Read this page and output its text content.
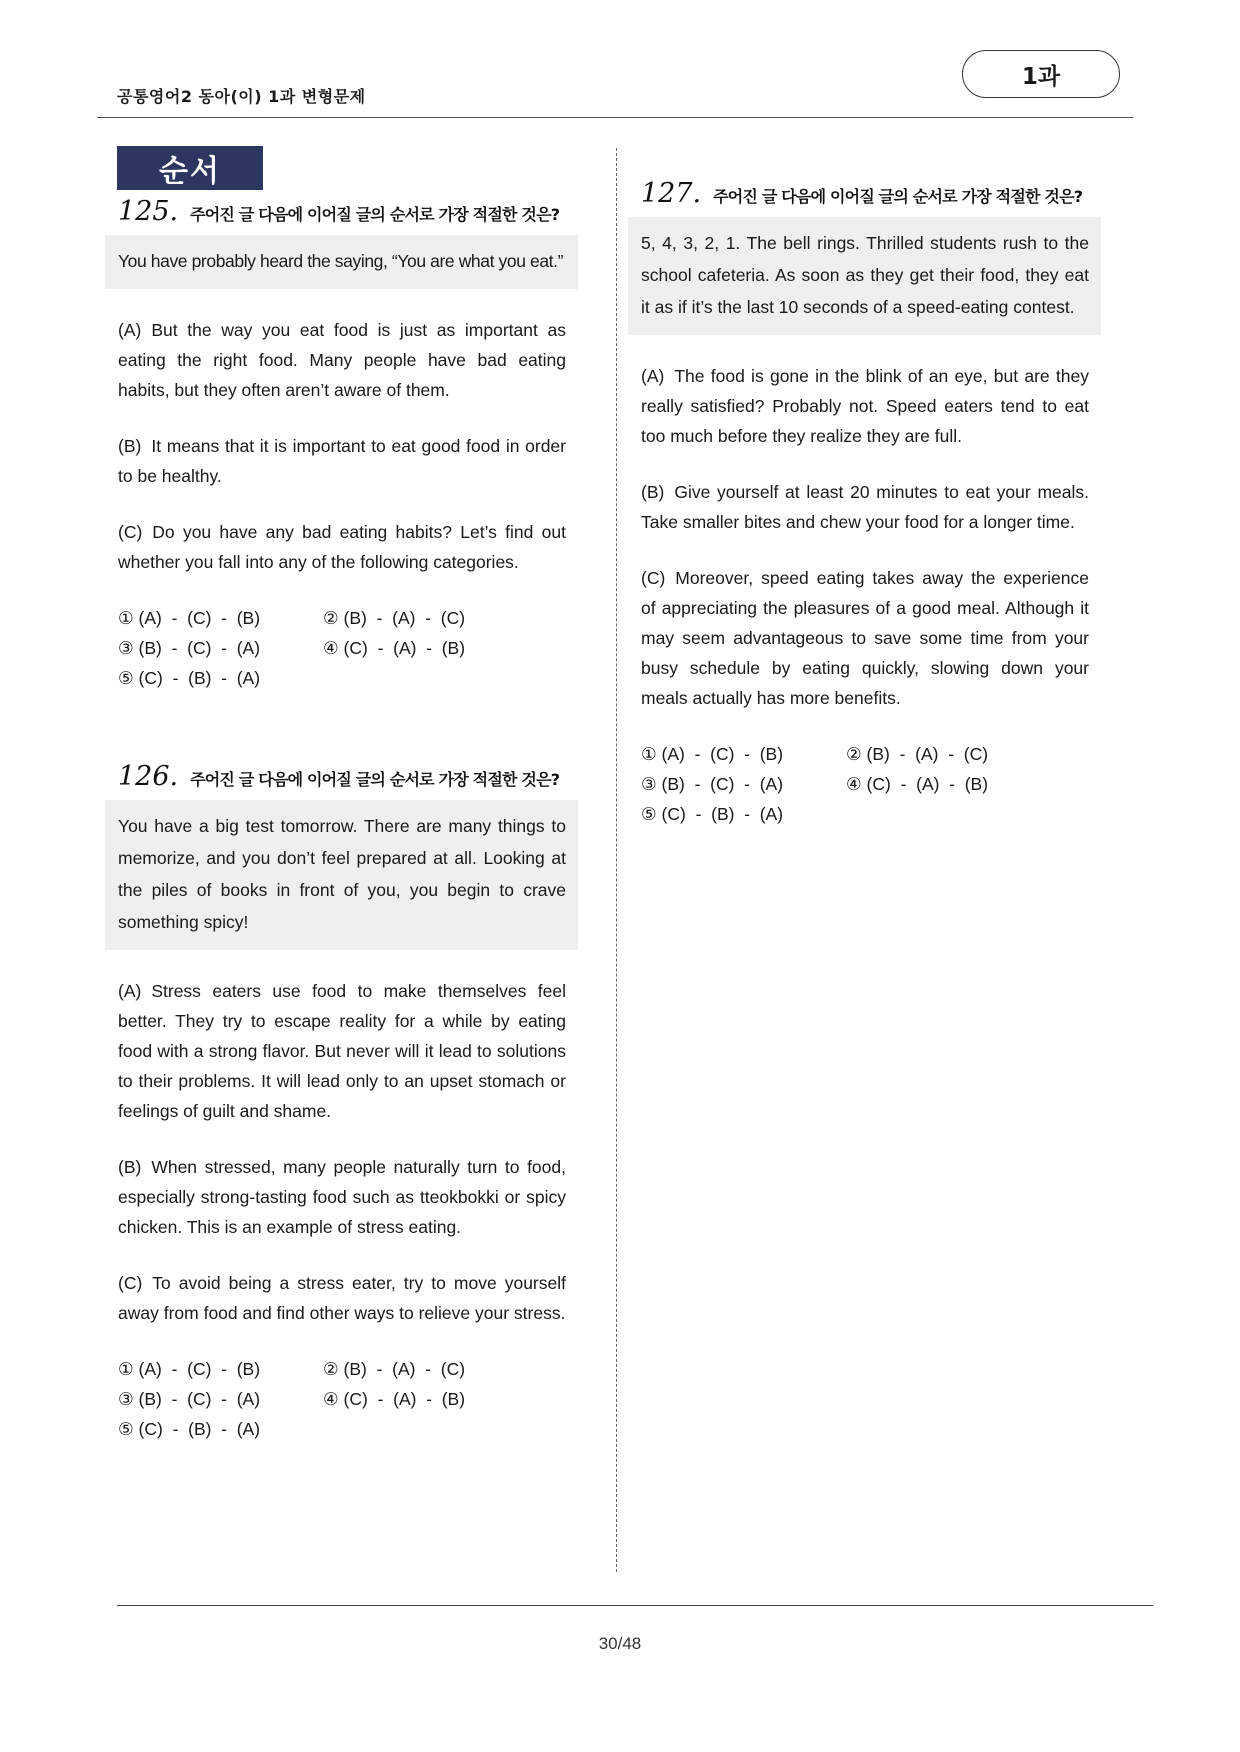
공통영어2 동아(이) 1과 변형문제
1과
순서
125. 주어진 글 다음에 이어질 글의 순서로 가장 적절한 것은?
You have probably heard the saying, “You are what you eat.”
(A) But the way you eat food is just as important as eating the right food. Many people have bad eating habits, but they often aren’t aware of them.
(B) It means that it is important to eat good food in order to be healthy.
(C) Do you have any bad eating habits? Let’s find out whether you fall into any of the following categories.
① (A)  -  (C)  -  (B)	② (B)  -  (A)  -  (C)
③ (B)  -  (C)  -  (A)	④ (C)  -  (A)  -  (B)
⑤ (C)  -  (B)  -  (A)
126. 주어진 글 다음에 이어질 글의 순서로 가장 적절한 것은?
You have a big test tomorrow. There are many things to memorize, and you don’t feel prepared at all. Looking at the piles of books in front of you, you begin to crave something spicy!
(A) Stress eaters use food to make themselves feel better. They try to escape reality for a while by eating food with a strong flavor. But never will it lead to solutions to their problems. It will lead only to an upset stomach or feelings of guilt and shame.
(B) When stressed, many people naturally turn to food, especially strong-tasting food such as tteokbokki or spicy chicken. This is an example of stress eating.
(C) To avoid being a stress eater, try to move yourself away from food and find other ways to relieve your stress.
① (A)  -  (C)  -  (B)	② (B)  -  (A)  -  (C)
③ (B)  -  (C)  -  (A)	④ (C)  -  (A)  -  (B)
⑤ (C)  -  (B)  -  (A)
127. 주어진 글 다음에 이어질 글의 순서로 가장 적절한 것은?
5, 4, 3, 2, 1. The bell rings. Thrilled students rush to the school cafeteria. As soon as they get their food, they eat it as if it’s the last 10 seconds of a speed-eating contest.
(A) The food is gone in the blink of an eye, but are they really satisfied? Probably not. Speed eaters tend to eat too much before they realize they are full.
(B) Give yourself at least 20 minutes to eat your meals. Take smaller bites and chew your food for a longer time.
(C) Moreover, speed eating takes away the experience of appreciating the pleasures of a good meal. Although it may seem advantageous to save some time from your busy schedule by eating quickly, slowing down your meals actually has more benefits.
① (A)  -  (C)  -  (B)	② (B)  -  (A)  -  (C)
③ (B)  -  (C)  -  (A)	④ (C)  -  (A)  -  (B)
⑤ (C)  -  (B)  -  (A)
30/48
